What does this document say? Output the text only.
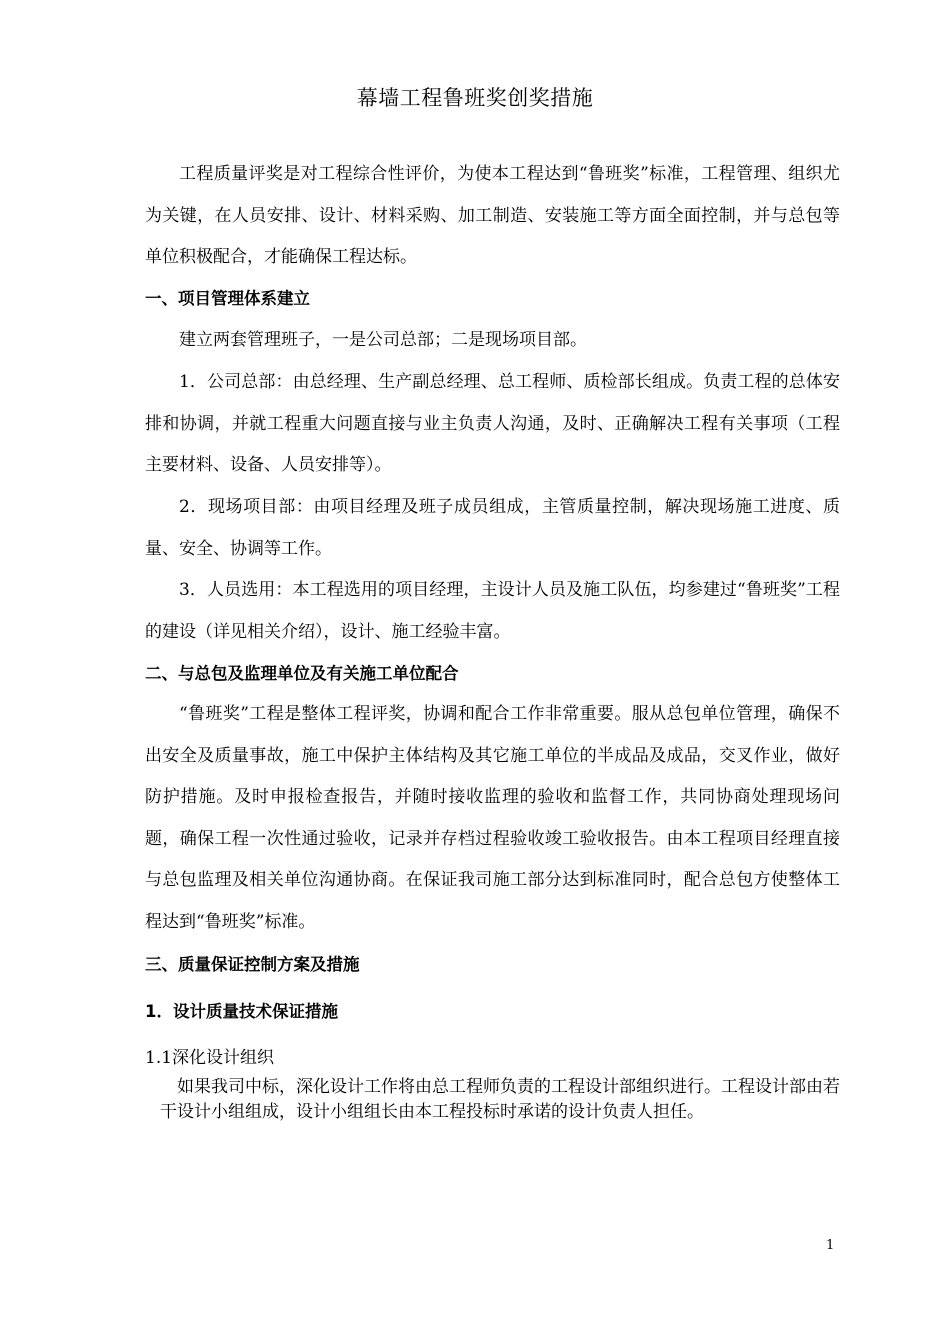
幕墙工程鲁班奖创奖措施

工程质量评奖是对工程综合性评价，为使本工程达到“鲁班奖”标准，工程管理、组织尤为关键，在人员安排、设计、材料采购、加工制造、安装施工等方面全面控制，并与总包等单位积极配合，才能确保工程达标。

一、项目管理体系建立

建立两套管理班子，一是公司总部；二是现场项目部。

1．公司总部：由总经理、生产副总经理、总工程师、质检部长组成。负责工程的总体安排和协调，并就工程重大问题直接与业主负责人沟通，及时、正确解决工程有关事项（工程主要材料、设备、人员安排等）。

2．现场项目部：由项目经理及班子成员组成，主管质量控制，解决现场施工进度、质量、安全、协调等工作。

3．人员选用：本工程选用的项目经理，主设计人员及施工队伍，均参建过“鲁班奖”工程的建设（详见相关介绍），设计、施工经验丰富。

二、与总包及监理单位及有关施工单位配合

“鲁班奖”工程是整体工程评奖，协调和配合工作非常重要。服从总包单位管理，确保不出安全及质量事故，施工中保护主体结构及其它施工单位的半成品及成品，交叉作业，做好防护措施。及时申报检查报告，并随时接收监理的验收和监督工作，共同协商处理现场问题，确保工程一次性通过验收，记录并存档过程验收竣工验收报告。由本工程项目经理直接与总包监理及相关单位沟通协商。在保证我司施工部分达到标准同时，配合总包方使整体工程达到“鲁班奖”标准。

三、质量保证控制方案及措施

1．设计质量技术保证措施

1.1深化设计组织

如果我司中标，深化设计工作将由总工程师负责的工程设计部组织进行。工程设计部由若干设计小组组成，设计小组组长由本工程投标时承诺的设计负责人担任。

1
